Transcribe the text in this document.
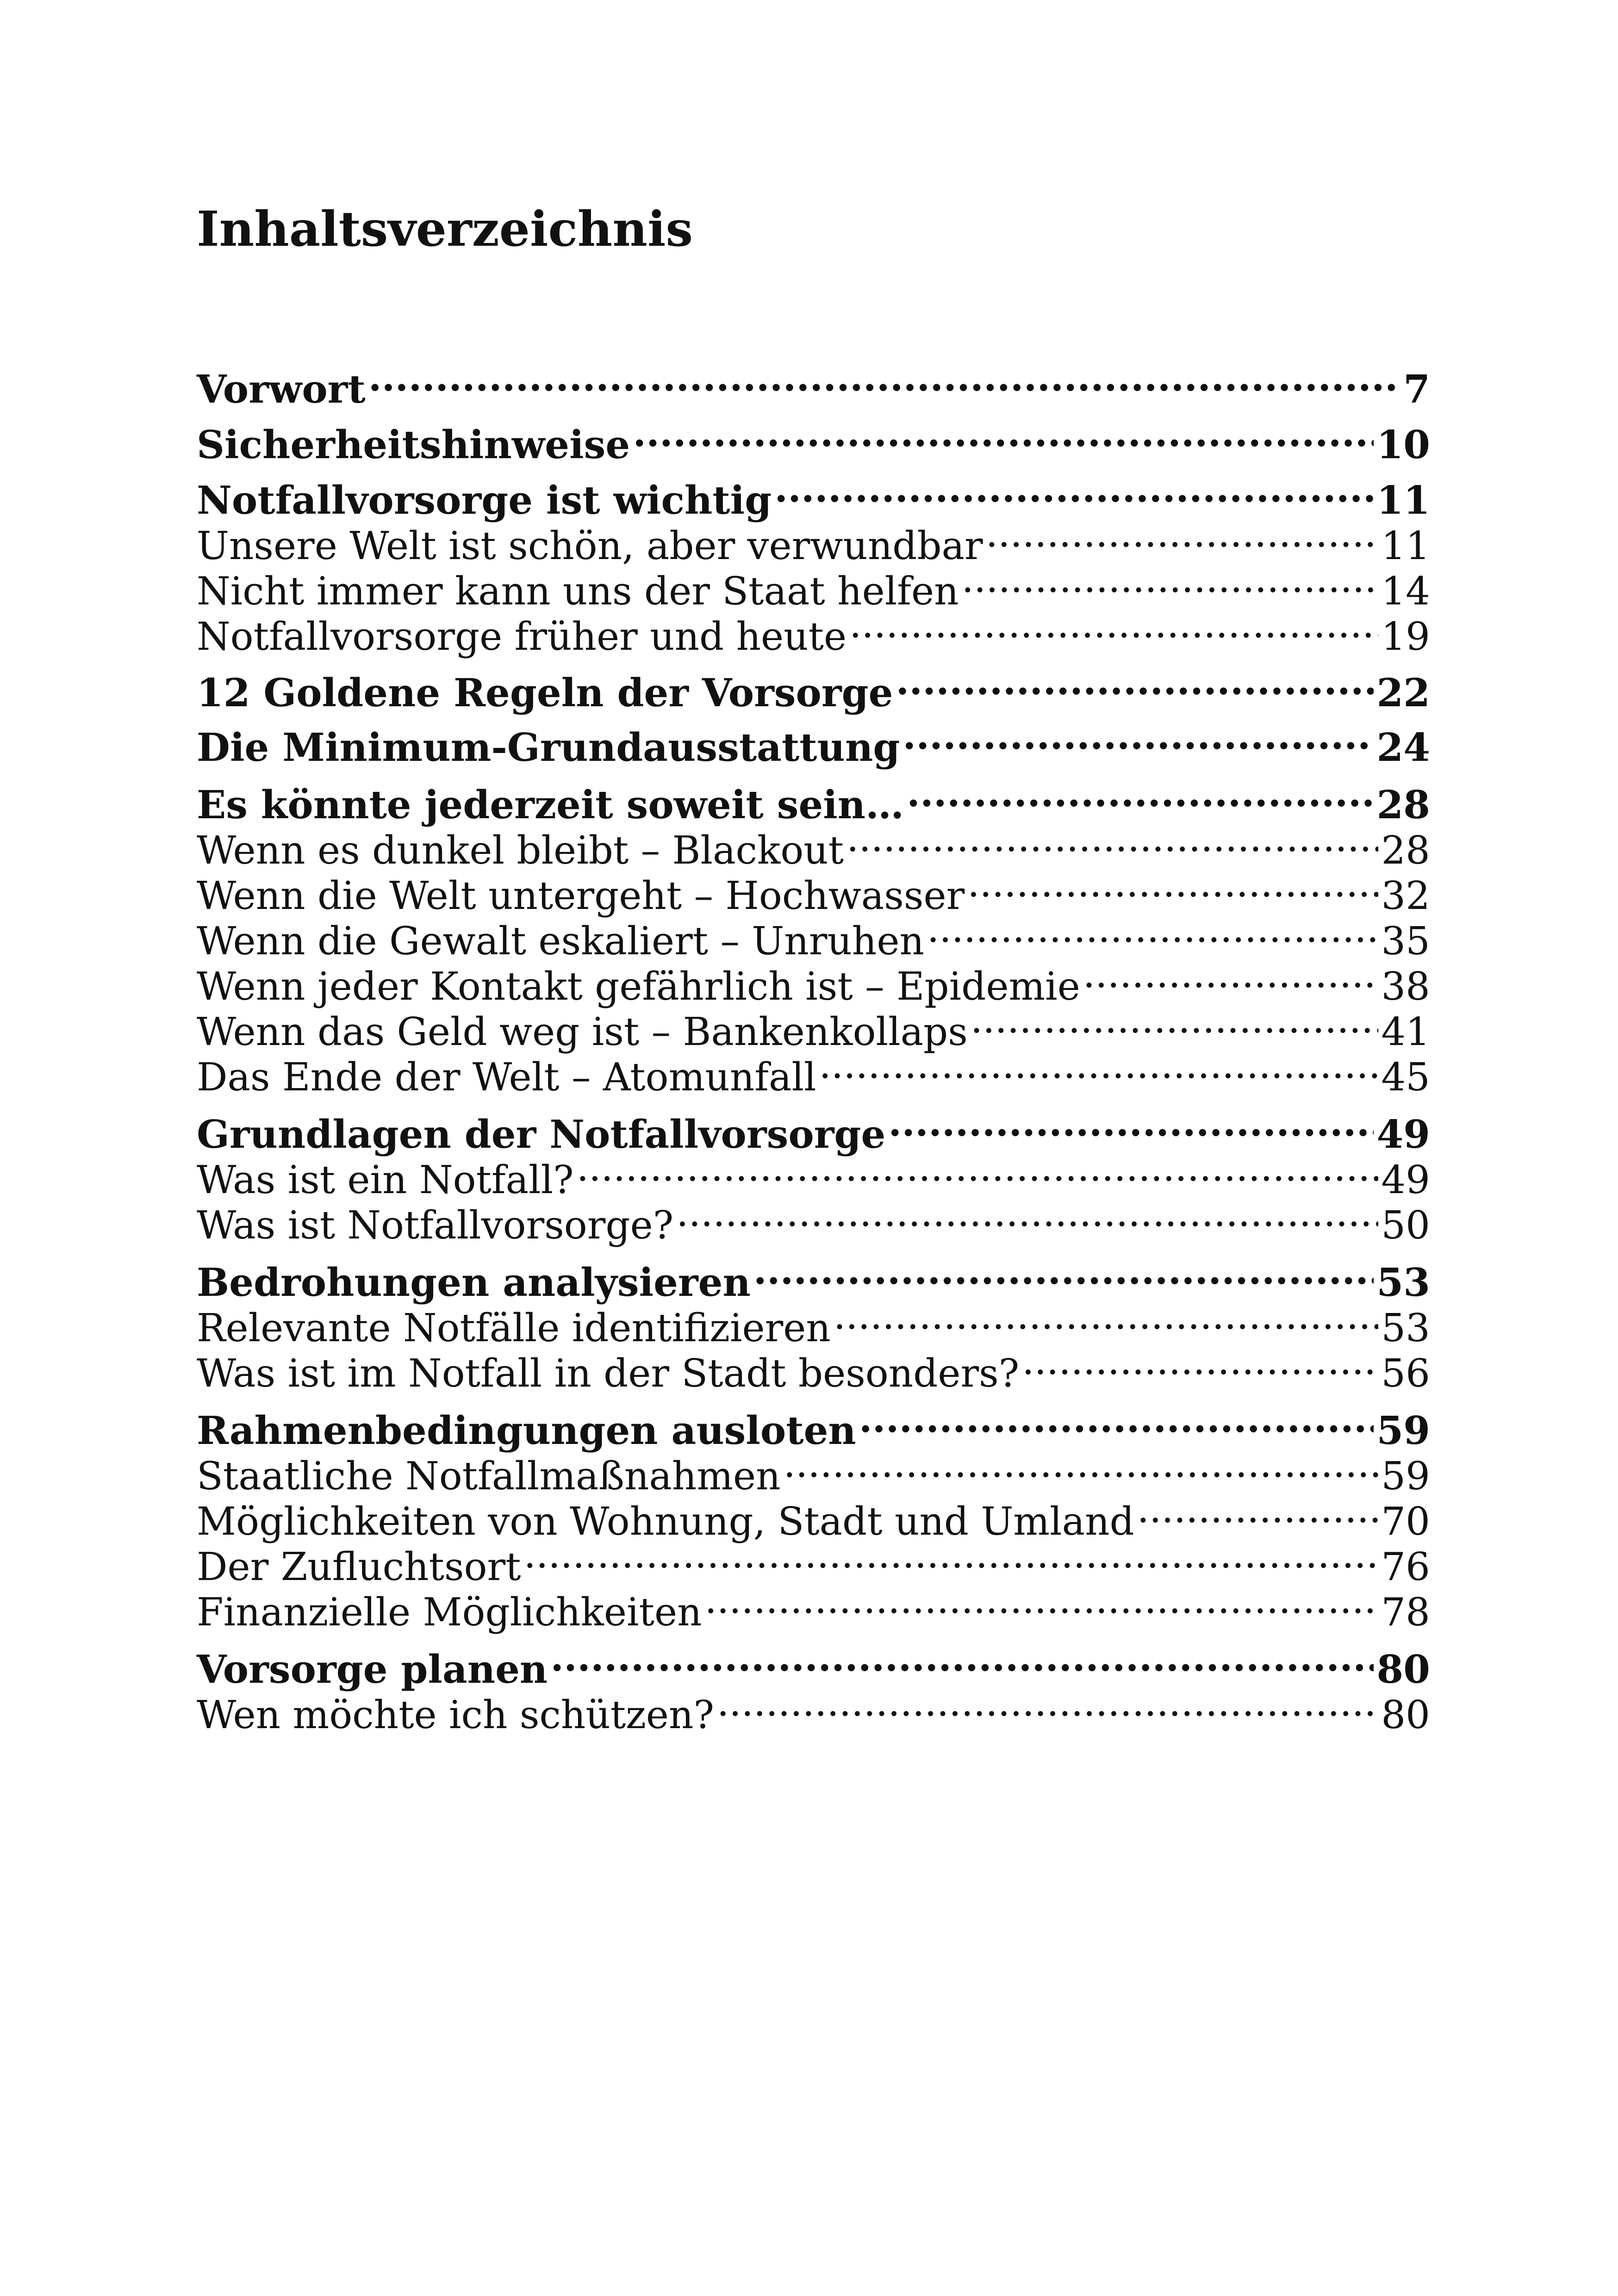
Inhaltsverzeichnis
Vorwort .....	7
Sicherheitshinweise .....	10
Notfallvorsorge ist wichtig .....	11
Unsere Welt ist schön, aber verwundbar .....	11
Nicht immer kann uns der Staat helfen .....	14
Notfallvorsorge früher und heute .....	19
12 Goldene Regeln der Vorsorge .....	22
Die Minimum-Grundausstattung .....	24
Es könnte jederzeit soweit sein… .....	28
Wenn es dunkel bleibt – Blackout .....	28
Wenn die Welt untergeht – Hochwasser .....	32
Wenn die Gewalt eskaliert – Unruhen .....	35
Wenn jeder Kontakt gefährlich ist – Epidemie .....	38
Wenn das Geld weg ist – Bankenkollaps .....	41
Das Ende der Welt – Atomunfall .....	45
Grundlagen der Notfallvorsorge .....	49
Was ist ein Notfall? .....	49
Was ist Notfallvorsorge? .....	50
Bedrohungen analysieren .....	53
Relevante Notfälle identifizieren .....	53
Was ist im Notfall in der Stadt besonders? .....	56
Rahmenbedingungen ausloten .....	59
Staatliche Notfallmaßnahmen .....	59
Möglichkeiten von Wohnung, Stadt und Umland .....	70
Der Zufluchtsort .....	76
Finanzielle Möglichkeiten .....	78
Vorsorge planen .....	80
Wen möchte ich schützen? .....	80
